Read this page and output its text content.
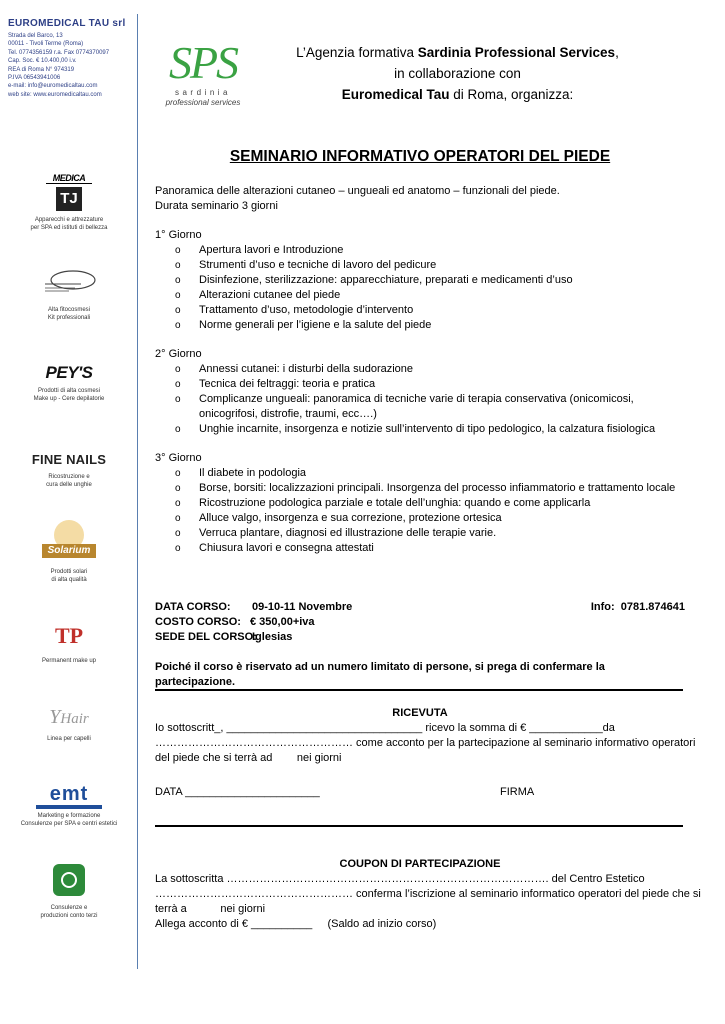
EUROMEDICAL TAU srl
Strada del Barco, 13
00011 - Tivoli Terme (Roma)
Tel. 0774356159 r.a. Fax 0774370097
Cap. Soc. € 10.400,00 i.v.
REA di Roma N° 974319
P.IVA 06543941006
e-mail: info@euromedicaltau.com
web site: www.euromedicaltau.com
MEDICA
TJ
Apparecchi e attrezzature
per SPA ed istituti di bellezza
Alta fitocosmesi
Kit professionali
PEY'S
Prodotti di alta cosmesi
Make up - Cere depilatorie
FINE NAILS
Ricostruzione e
cura delle unghie
Solarium
Prodotti solari
di alta qualità
TP
Permanent make up
YHair
Linea per capelli
emt
Marketing e formazione
Consulenze per SPA e centri estetici
Consulenze e
produzioni conto terzi
SPS
sardinia
professional services
L’Agenzia formativa Sardinia Professional Services,
in collaborazione con
Euromedical Tau di Roma, organizza:
SEMINARIO INFORMATIVO OPERATORI DEL PIEDE
Panoramica delle alterazioni cutaneo – ungueali ed anatomo – funzionali del piede.
Durata seminario 3 giorni
1° Giorno
o Apertura lavori e Introduzione
o Strumenti d’uso e tecniche di lavoro del pedicure
o Disinfezione, sterilizzazione: apparecchiature, preparati e medicamenti d’uso
o Alterazioni cutanee del piede
o Trattamento d’uso, metodologie d’intervento
o Norme generali per l’igiene e la salute del piede
2° Giorno
o Annessi cutanei: i disturbi della sudorazione
o Tecnica dei feltraggi: teoria e pratica
o Complicanze ungueali: panoramica di tecniche varie di terapia conservativa (onicomicosi, onicogrifosi, distrofie, traumi, ecc….)
o Unghie incarnite, insorgenza e notizie sull’intervento di tipo pedologico, la calzatura fisiologica
3° Giorno
o Il diabete in podologia
o Borse, borsiti: localizzazioni principali. Insorgenza del processo infiammatorio e trattamento locale
o Ricostruzione podologica parziale e totale dell’unghia: quando e come applicarla
o Alluce valgo, insorgenza e sua correzione, protezione ortesica
o Verruca plantare, diagnosi ed illustrazione delle terapie varie.
o Chiusura lavori e consegna attestati
DATA CORSO: 09-10-11 Novembre	Info: 0781.874641
COSTO CORSO: € 350,00+iva
SEDE DEL CORSO:
Iglesias
Poiché il corso è riservato ad un numero limitato di persone, si prega di confermare la partecipazione.
RICEVUTA
Io sottoscritt_, ________________________________ ricevo la somma di € ____________da
……………………………………………… come acconto per la partecipazione al seminario informativo operatori
del piede che si terrà ad        nei giorni
DATA ______________________	FIRMA
COUPON DI PARTECIPAZIONE
La sottoscritta ……………………………………………………………………………. del Centro Estetico
……………………………………………… conferma l’iscrizione al seminario informatico operatori del piede che si
terrà a           nei giorni
Allega acconto di € __________     (Saldo ad inizio corso)
